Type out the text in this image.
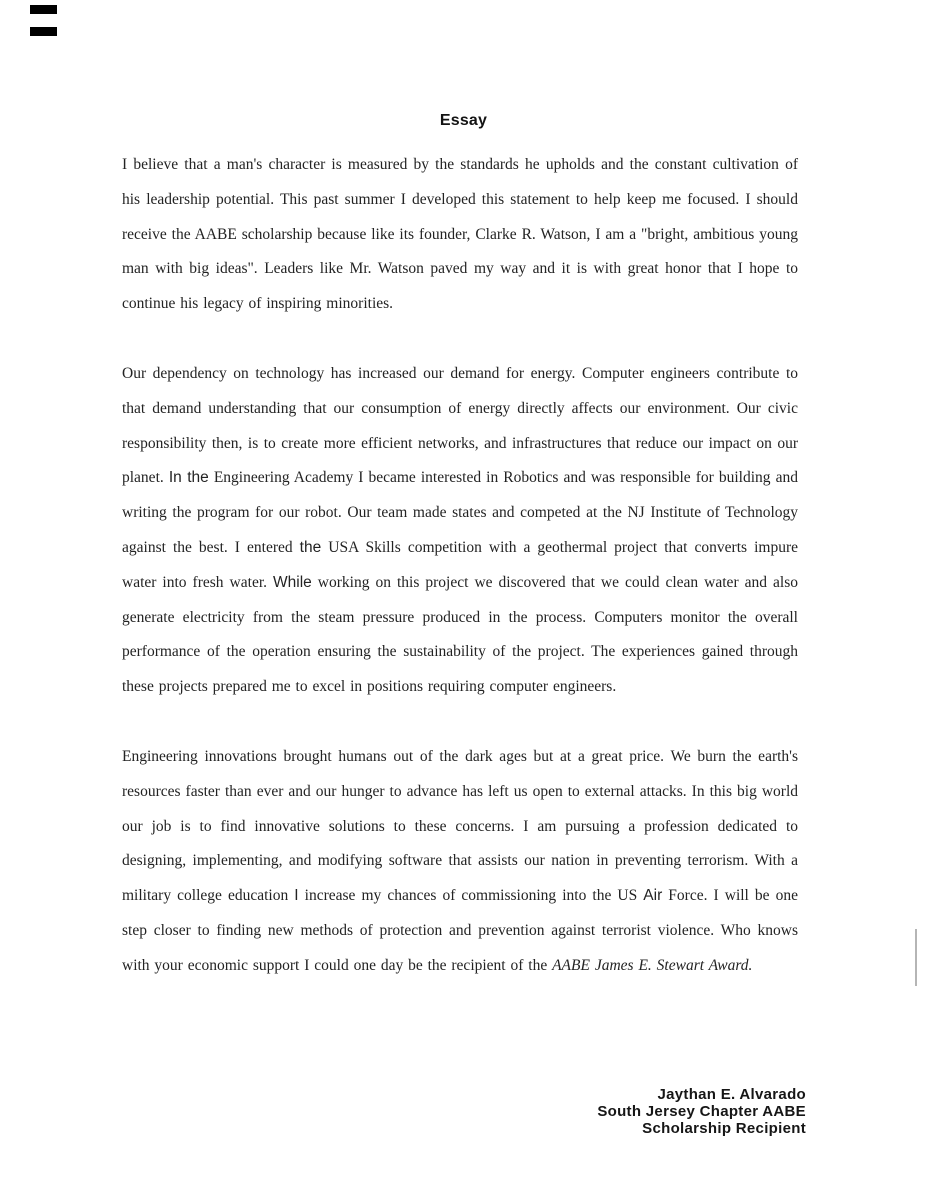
Essay

I believe that a man's character is measured by the standards he upholds and the constant cultivation of his leadership potential. This past summer I developed this statement to help keep me focused. I should receive the AABE scholarship because like its founder, Clarke R. Watson, I am a "bright, ambitious young man with big ideas". Leaders like Mr. Watson paved my way and it is with great honor that I hope to continue his legacy of inspiring minorities.

Our dependency on technology has increased our demand for energy. Computer engineers contribute to that demand understanding that our consumption of energy directly affects our environment. Our civic responsibility then, is to create more efficient networks, and infrastructures that reduce our impact on our planet. In the Engineering Academy I became interested in Robotics and was responsible for building and writing the program for our robot. Our team made states and competed at the NJ Institute of Technology against the best. I entered the USA Skills competition with a geothermal project that converts impure water into fresh water. While working on this project we discovered that we could clean water and also generate electricity from the steam pressure produced in the process. Computers monitor the overall performance of the operation ensuring the sustainability of the project. The experiences gained through these projects prepared me to excel in positions requiring computer engineers.

Engineering innovations brought humans out of the dark ages but at a great price. We burn the earth's resources faster than ever and our hunger to advance has left us open to external attacks. In this big world our job is to find innovative solutions to these concerns. I am pursuing a profession dedicated to designing, implementing, and modifying software that assists our nation in preventing terrorism. With a military college education I increase my chances of commissioning into the US Air Force. I will be one step closer to finding new methods of protection and prevention against terrorist violence. Who knows with your economic support I could one day be the recipient of the AABE James E. Stewart Award.

Jaythan E. Alvarado
South Jersey Chapter AABE
Scholarship Recipient
